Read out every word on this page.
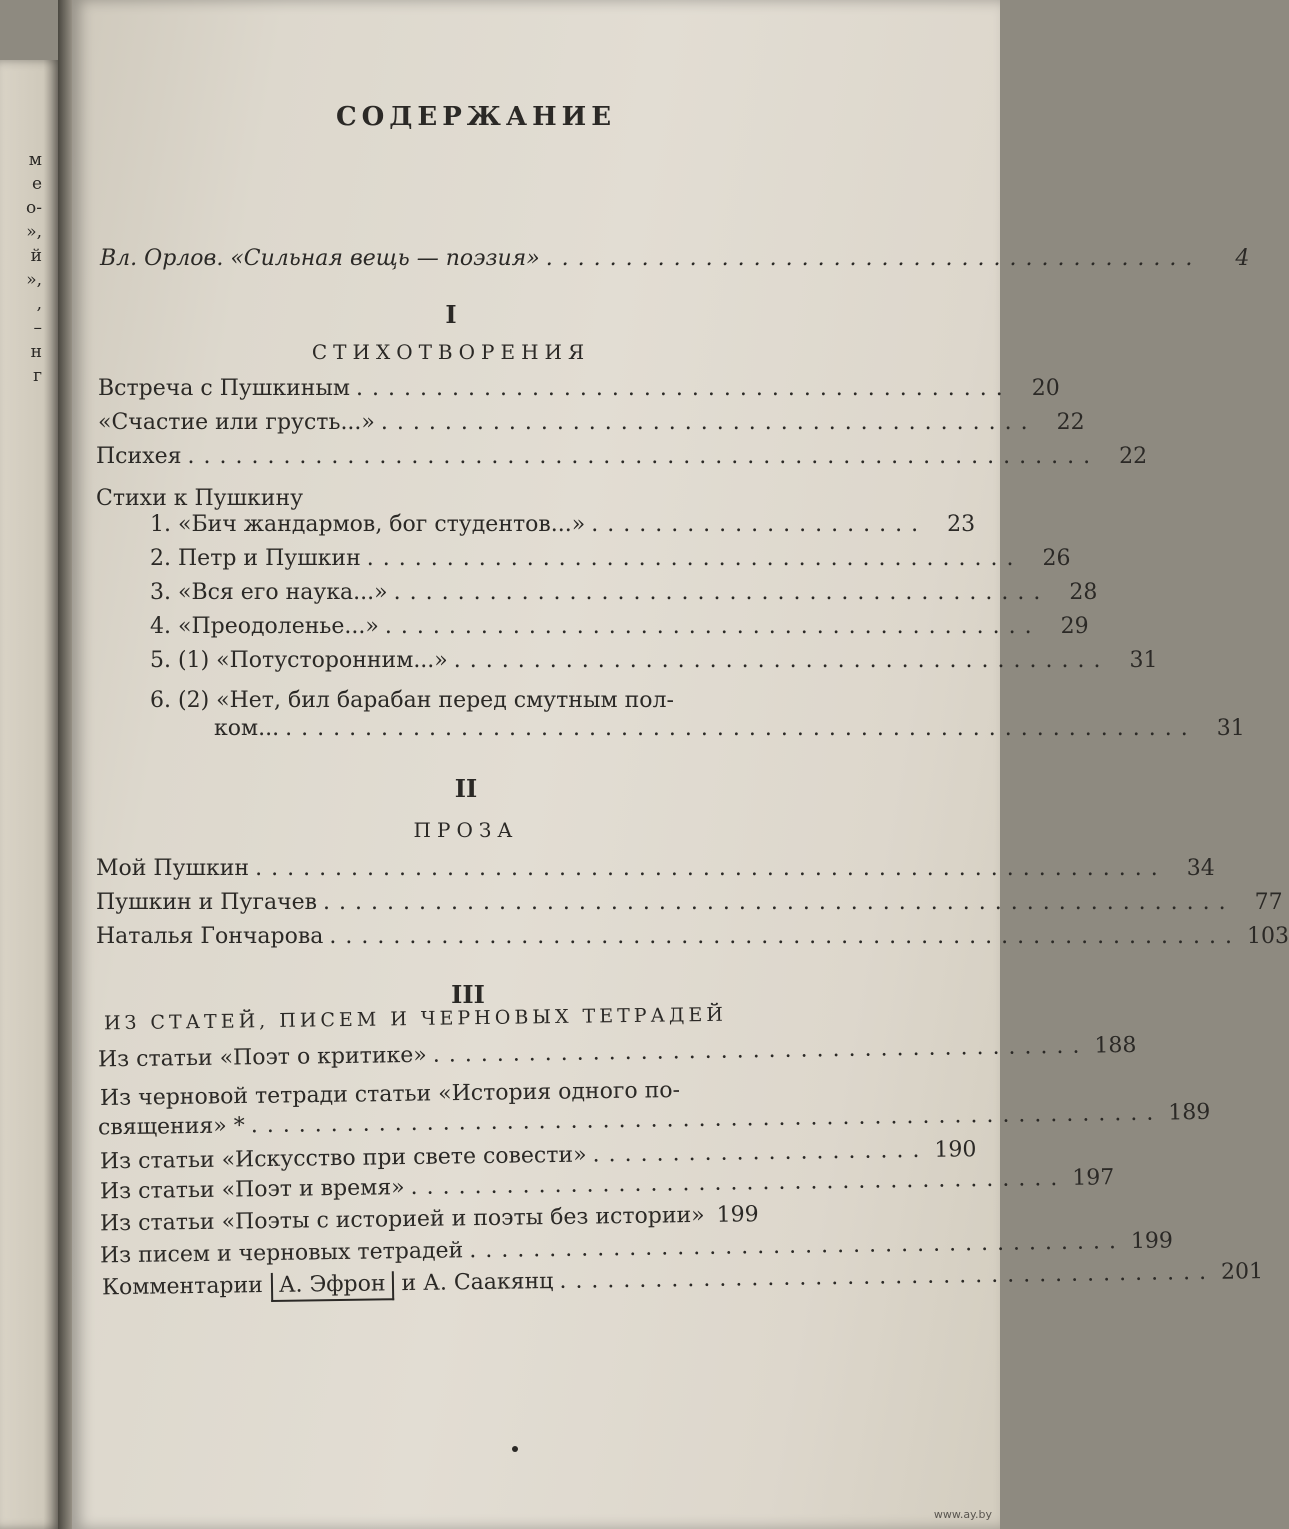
м
е
о-
»,
й
»,
,
–
н
г
СОДЕРЖАНИЕ
Вл. Орлов. «Сильная вещь — поэзия» .........................................	4
I
СТИХОТВОРЕНИЯ
Встреча с Пушкиным ......................................... 20
«Счастие или грусть...» ......................................... 22
Психея ......................................................... 22
Стихи к Пушкину
1. «Бич жандармов, бог студентов...» ..................... 23
2. Петр и Пушкин ......................................... 26
3. «Вся его наука...» ......................................... 28
4. «Преодоленье...» ......................................... 29
5. (1) «Потусторонним...» ......................................... 31
6. (2) «Нет, бил барабан перед смутным пол-
ком... ......................................................... 31
II
ПРОЗА
Мой Пушкин ......................................................... 34
Пушкин и Пугачев ......................................................... 77
Наталья Гончарова ......................................................... 103
III
ИЗ СТАТЕЙ, ПИСЕМ И ЧЕРНОВЫХ ТЕТРАДЕЙ
Из статьи «Поэт о критике» ......................................... 188
Из черновой тетради статьи «История одного по-
священия» * ......................................................... 189
Из статьи «Искусство при свете совести» ..................... 190
Из статьи «Поэт и время» ......................................... 197
Из статьи «Поэты с историей и поэты без истории» 199
Из писем и черновых тетрадей ......................................... 199
Комментарии А. Эфрон и А. Саакянц ......................................... 201
www.ay.by
